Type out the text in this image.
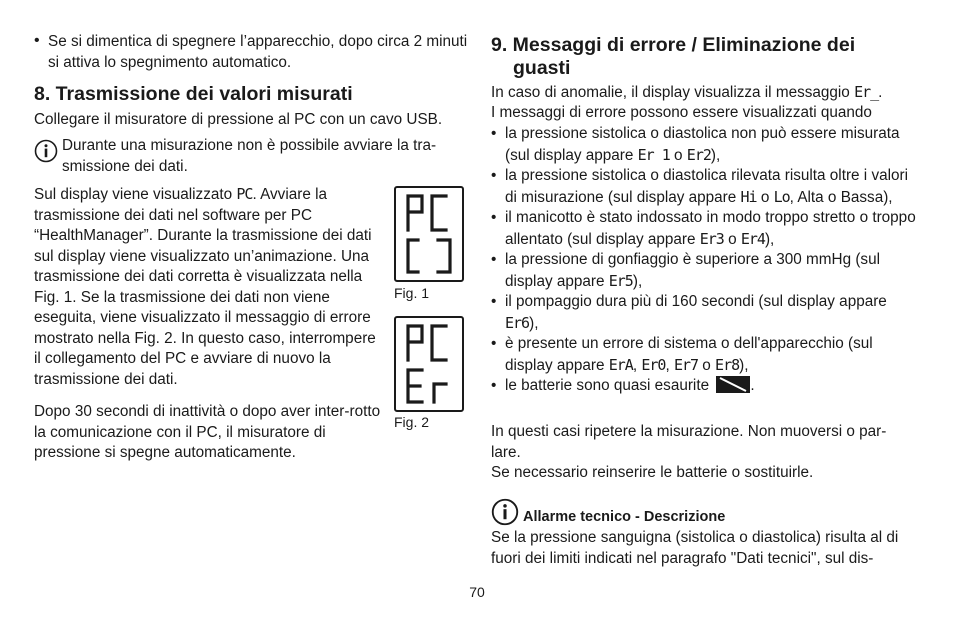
• Se si dimentica di spegnere l’apparecchio, dopo circa 2 minuti si attiva lo spegnimento automatico.

8. Trasmissione dei valori misurati

Collegare il misuratore di pressione al PC con un cavo USB.

Durante una misurazione non è possibile avviare la tra-smissione dei dati.

Sul display viene visualizzato PC. Avviare la trasmissione dei dati nel software per PC “HealthManager”. Durante la trasmissione dei dati sul display viene visualizzato un’animazione. Una trasmissione dei dati corretta è visualizzata nella Fig. 1. Se la trasmissione dei dati non viene eseguita, viene visualizzato il messaggio di errore mostrato nella Fig. 2. In questo caso, interrompere il collegamento del PC e avviare di nuovo la trasmissione dei dati.

Dopo 30 secondi di inattività o dopo aver inter-rotto la comunicazione con il PC, il misuratore di pressione si spegne automaticamente.

Fig. 1
Fig. 2
9. Messaggi di errore / Eliminazione dei
guasti

In caso di anomalie, il display visualizza il messaggio Er_.

I messaggi di errore possono essere visualizzati quando

• la pressione sistolica o diastolica non può essere misurata (sul display appare Er 1 o Er2),
• la pressione sistolica o diastolica rilevata risulta oltre i valori di misurazione (sul display appare Hi o Lo, Alta o Bassa),
• il manicotto è stato indossato in modo troppo stretto o troppo allentato (sul display appare Er3 o Er4),
• la pressione di gonfiaggio è superiore a 300 mmHg (sul display appare Er5),
• il pompaggio dura più di 160 secondi (sul display appare Er6),
• è presente un errore di sistema o dell'apparecchio (sul display appare ErA, Er0, Er7 o Er8),
• le batterie sono quasi esaurite
.

In questi casi ripetere la misurazione. Non muoversi o par-lare.

Se necessario reinserire le batterie o sostituirle.

Allarme tecnico - Descrizione

Se la pressione sanguigna (sistolica o diastolica) risulta al di fuori dei limiti indicati nel paragrafo "Dati tecnici", sul dis-

70
